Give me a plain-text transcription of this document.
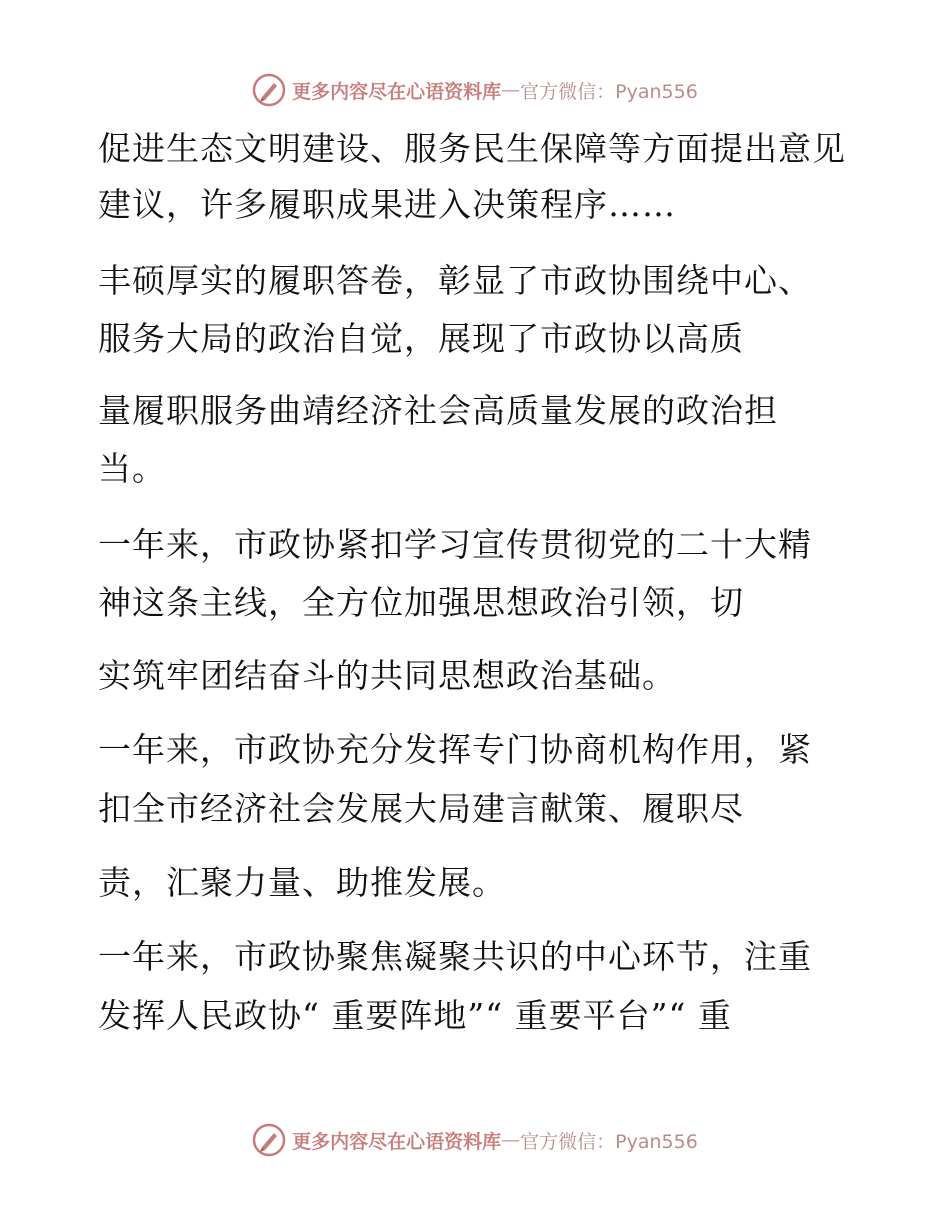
更多内容尽在心语资料库 — 官方微信：Pyan556
促进生态文明建设、服务民生保障等方面提出意见
建议，许多履职成果进入决策程序……
丰硕厚实的履职答卷，彰显了市政协围绕中心、
服务大局的政治自觉，展现了市政协以高质
量履职服务曲靖经济社会高质量发展的政治担
当。
一年来，市政协紧扣学习宣传贯彻党的二十大精
神这条主线，全方位加强思想政治引领，切
实筑牢团结奋斗的共同思想政治基础。
一年来，市政协充分发挥专门协商机构作用，紧
扣全市经济社会发展大局建言献策、履职尽
责，汇聚力量、助推发展。
一年来，市政协聚焦凝聚共识的中心环节，注重
发挥人民政协“ 重要阵地”“ 重要平台”“ 重
更多内容尽在心语资料库 — 官方微信：Pyan556
